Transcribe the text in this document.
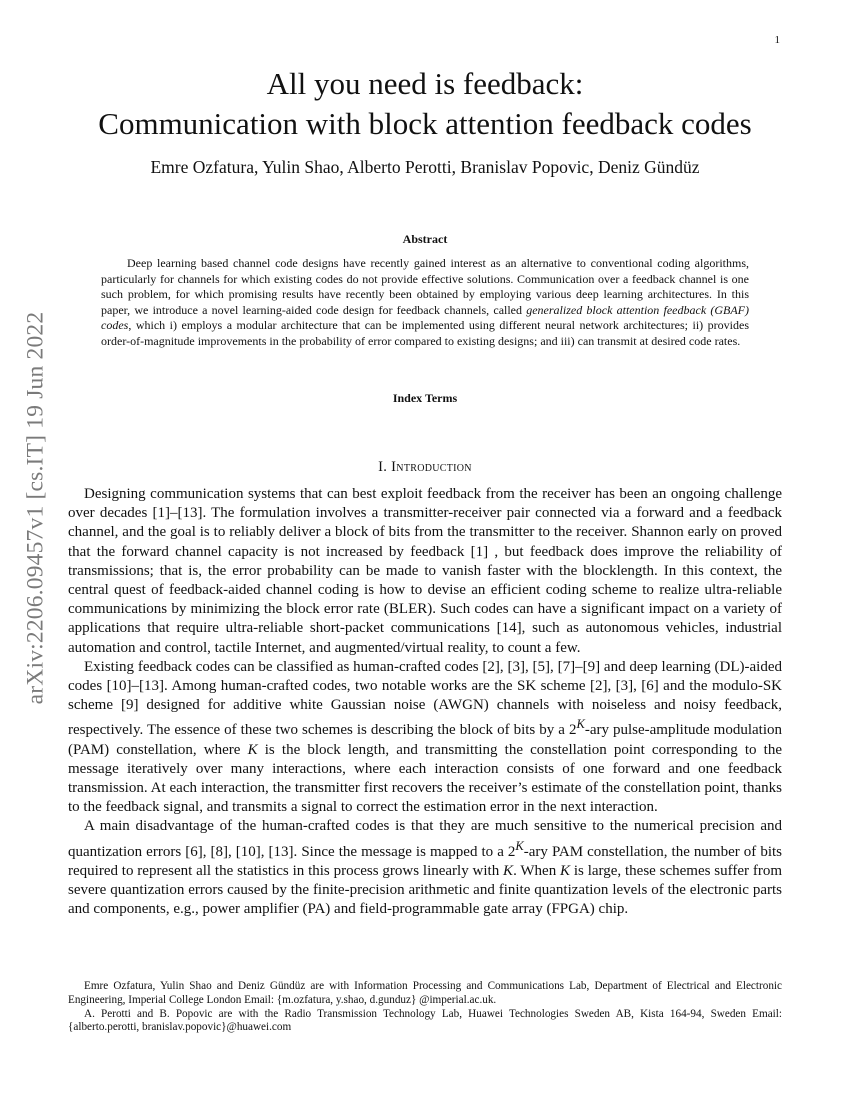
1
arXiv:2206.09457v1 [cs.IT] 19 Jun 2022
All you need is feedback:
Communication with block attention feedback codes
Emre Ozfatura, Yulin Shao, Alberto Perotti, Branislav Popovic, Deniz Gündüz
Abstract

Deep learning based channel code designs have recently gained interest as an alternative to conventional coding algorithms, particularly for channels for which existing codes do not provide effective solutions. Communication over a feedback channel is one such problem, for which promising results have recently been obtained by employing various deep learning architectures. In this paper, we introduce a novel learning-aided code design for feedback channels, called generalized block attention feedback (GBAF) codes, which i) employs a modular architecture that can be implemented using different neural network architectures; ii) provides order-of-magnitude improvements in the probability of error compared to existing designs; and iii) can transmit at desired code rates.

Index Terms
I. Introduction

Designing communication systems that can best exploit feedback from the receiver has been an ongoing challenge over decades [1]–[13]. The formulation involves a transmitter-receiver pair connected via a forward and a feedback channel, and the goal is to reliably deliver a block of bits from the transmitter to the receiver. Shannon early on proved that the forward channel capacity is not increased by feedback [1] , but feedback does improve the reliability of transmissions; that is, the error probability can be made to vanish faster with the blocklength. In this context, the central quest of feedback-aided channel coding is how to devise an efficient coding scheme to realize ultra-reliable communications by minimizing the block error rate (BLER). Such codes can have a significant impact on a variety of applications that require ultra-reliable short-packet communications [14], such as autonomous vehicles, industrial automation and control, tactile Internet, and augmented/virtual reality, to count a few.

Existing feedback codes can be classified as human-crafted codes [2], [3], [5], [7]–[9] and deep learning (DL)-aided codes [10]–[13]. Among human-crafted codes, two notable works are the SK scheme [2], [3], [6] and the modulo-SK scheme [9] designed for additive white Gaussian noise (AWGN) channels with noiseless and noisy feedback, respectively. The essence of these two schemes is describing the block of bits by a $2^K$-ary pulse-amplitude modulation (PAM) constellation, where K is the block length, and transmitting the constellation point corresponding to the message iteratively over many interactions, where each interaction consists of one forward and one feedback transmission. At each interaction, the transmitter first recovers the receiver’s estimate of the constellation point, thanks to the feedback signal, and transmits a signal to correct the estimation error in the next interaction.

A main disadvantage of the human-crafted codes is that they are much sensitive to the numerical precision and quantization errors [6], [8], [10], [13]. Since the message is mapped to a $2^K$-ary PAM constellation, the number of bits required to represent all the statistics in this process grows linearly with K. When K is large, these schemes suffer from severe quantization errors caused by the finite-precision arithmetic and finite quantization levels of the electronic parts and components, e.g., power amplifier (PA) and field-programmable gate array (FPGA) chip.

Emre Ozfatura, Yulin Shao and Deniz Gündüz are with Information Processing and Communications Lab, Department of Electrical and Electronic Engineering, Imperial College London Email: {m.ozfatura, y.shao, d.gunduz} @imperial.ac.uk.

A. Perotti and B. Popovic are with the Radio Transmission Technology Lab, Huawei Technologies Sweden AB, Kista 164-94, Sweden Email: {alberto.perotti, branislav.popovic}@huawei.com
